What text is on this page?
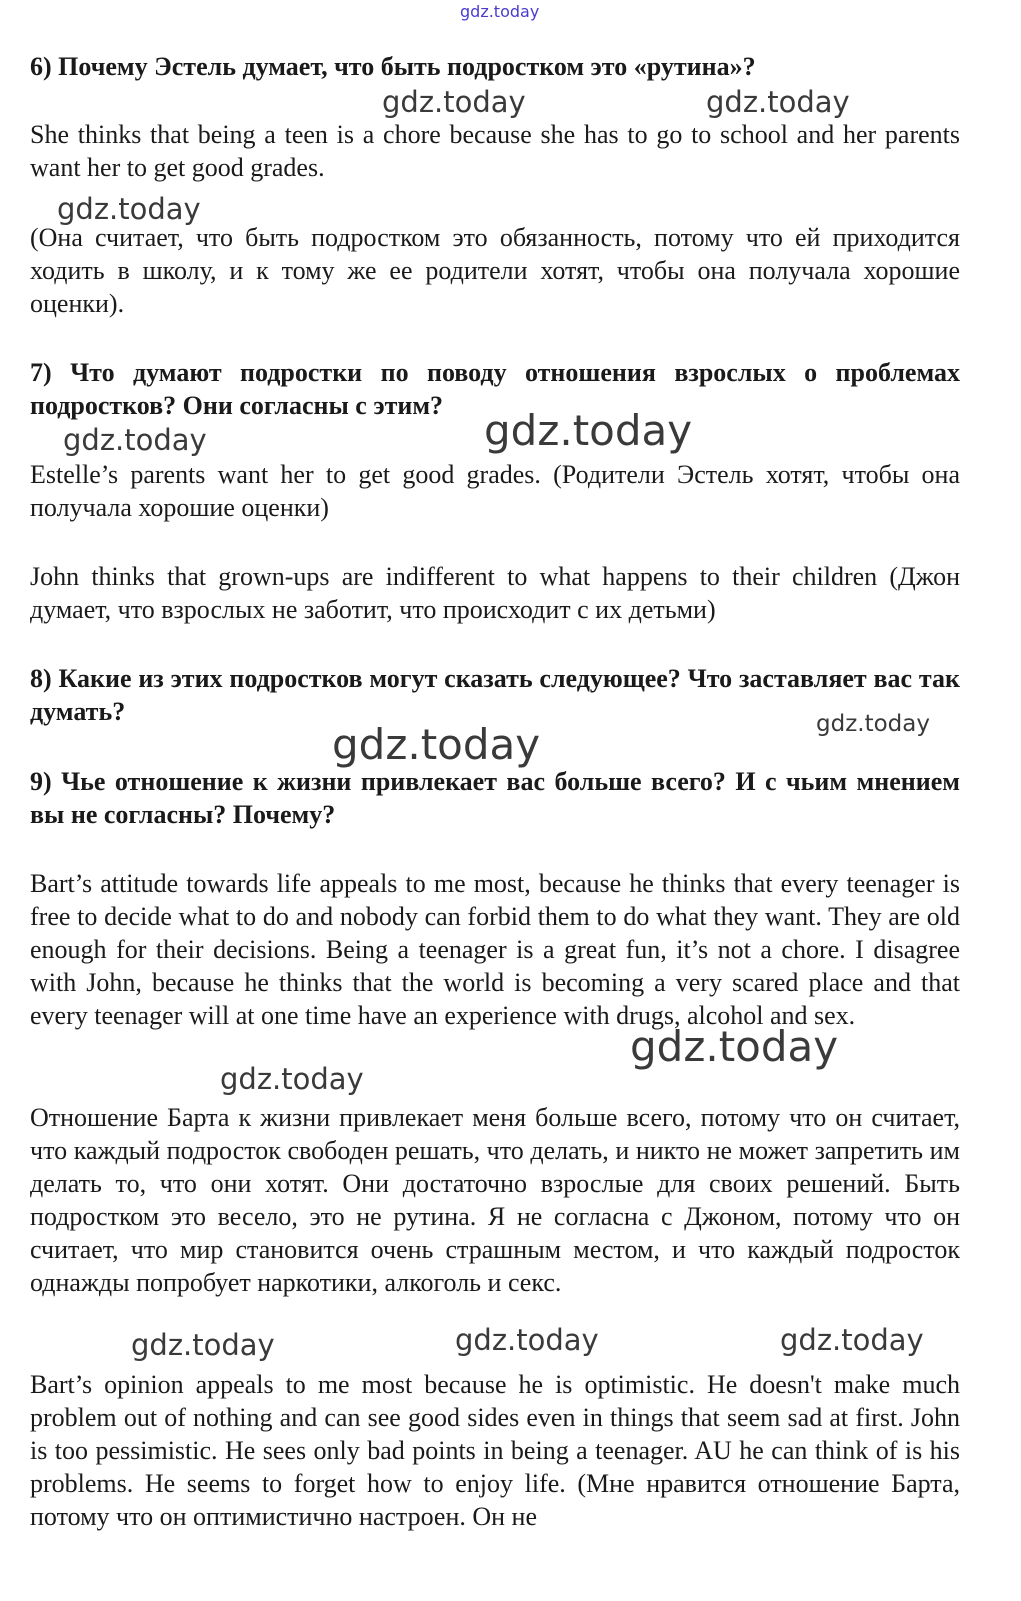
gdz.today

6) Почему Эстель думает, что быть подростком это «рутина»?

gdz.today	gdz.today

She thinks that being a teen is a chore because she has to go to school and her parents want her to get good grades.

gdz.today

(Она считает, что быть подростком это обязанность, потому что ей приходится ходить в школу, и к тому же ее родители хотят, чтобы она получала хорошие оценки).

7) Что думают подростки по поводу отношения взрослых о проблемах подростков? Они согласны с этим?

gdz.today	gdz.today

Estelle’s parents want her to get good grades. (Родители Эстель хотят, чтобы она получала хорошие оценки)

John thinks that grown-ups are indifferent to what happens to their children (Джон думает, что взрослых не заботит, что происходит с их детьми)

8) Какие из этих подростков могут сказать следующее? Что заставляет вас так думать?	gdz.today
gdz.today

9) Чье отношение к жизни привлекает вас больше всего? И с чьим мнением вы не согласны? Почему?

Bart’s attitude towards life appeals to me most, because he thinks that every teenager is free to decide what to do and nobody can forbid them to do what they want. They are old enough for their decisions. Being a teenager is a great fun, it’s not a chore. I disagree with John, because he thinks that the world is becoming a very scared place and that every teenager will at one time have an experience with drugs, alcohol and sex.

gdz.today
gdz.today

Отношение Барта к жизни привлекает меня больше всего, потому что он считает, что каждый подросток свободен решать, что делать, и никто не может запретить им делать то, что они хотят. Они достаточно взрослые для своих решений. Быть подростком это весело, это не рутина. Я не согласна с Джоном, потому что он считает, что мир становится очень страшным местом, и что каждый подросток однажды попробует наркотики, алкоголь и секс.

gdz.today	gdz.today	gdz.today

Bart’s opinion appeals to me most because he is optimistic. He doesn't make much problem out of nothing and can see good sides even in things that seem sad at first. John is too pessimistic. He sees only bad points in being a teenager. AU he can think of is his problems. He seems to forget how to enjoy life. (Мне нравится отношение Барта, потому что он оптимистично настроен. Он не
